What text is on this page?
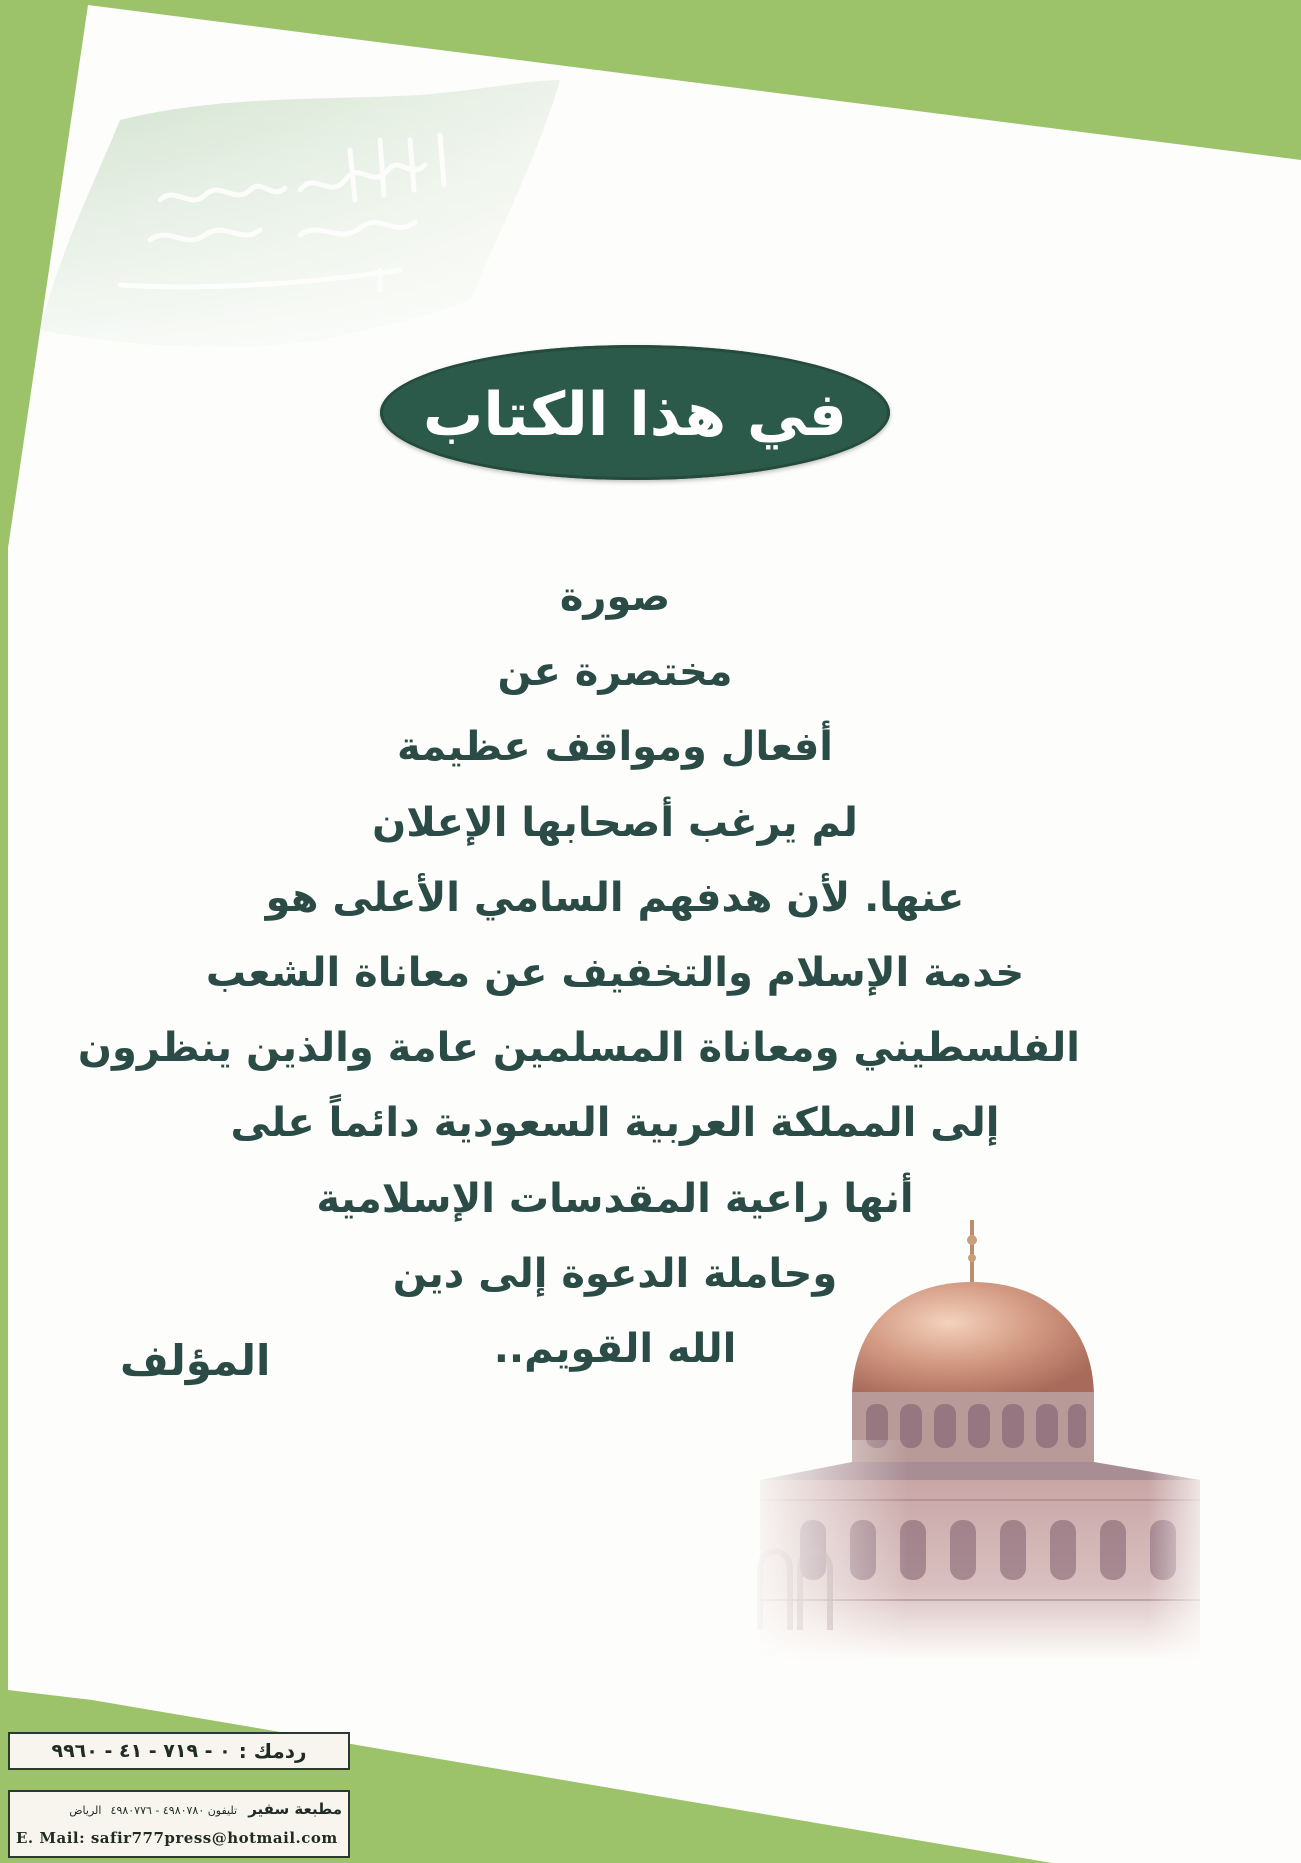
في هذا الكتاب
صورة
مختصرة عن
أفعال ومواقف عظيمة
لم يرغب أصحابها الإعلان
عنها. لأن هدفهم السامي الأعلى هو
خدمة الإسلام والتخفيف عن معاناة الشعب
الفلسطيني ومعاناة المسلمين عامة والذين ينظرون
إلى المملكة العربية السعودية دائماً على
أنها راعية المقدسات الإسلامية
وحاملة الدعوة إلى دين
الله القويم..
المؤلف
ردمك :
٩٩٦٠ - ٤١ - ٧١٩ - ٠
مطبعة سفير تليفون ٤٩٨٠٧٨٠ - ٤٩٨٠٧٧٦ الرياض
E. Mail: safir777press@hotmail.com
